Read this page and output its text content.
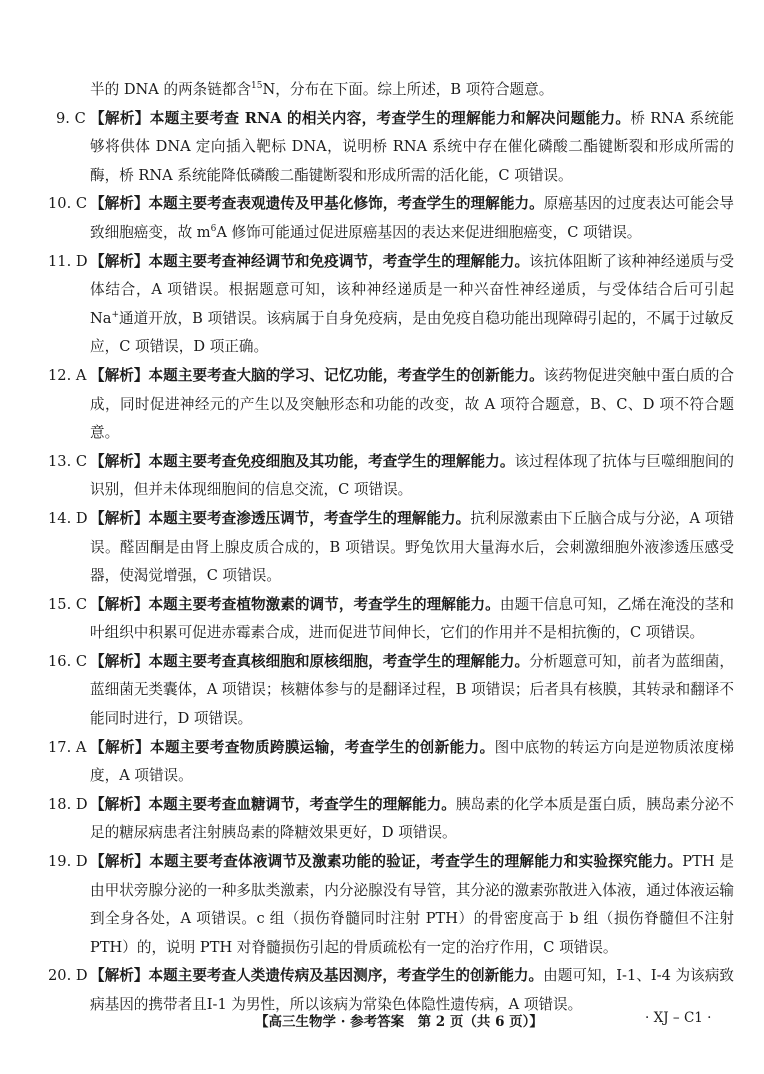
半的 DNA 的两条链都含$^{15}$N，分布在下面。综上所述，B 项符合题意。
9. C 【解析】本题主要考查 RNA 的相关内容，考查学生的理解能力和解决问题能力。桥 RNA 系统能够将供体 DNA 定向插入靶标 DNA，说明桥 RNA 系统中存在催化磷酸二酯键断裂和形成所需的酶，桥 RNA 系统能降低磷酸二酯键断裂和形成所需的活化能，C 项错误。
10. C 【解析】本题主要考查表观遗传及甲基化修饰，考查学生的理解能力。原癌基因的过度表达可能会导致细胞癌变，故 $m^6A$ 修饰可能通过促进原癌基因的表达来促进细胞癌变，C 项错误。
11. D 【解析】本题主要考查神经调节和免疫调节，考查学生的理解能力。该抗体阻断了该种神经递质与受体结合，A 项错误。根据题意可知，该种神经递质是一种兴奋性神经递质，与受体结合后可引起 Na+通道开放，B 项错误。该病属于自身免疫病，是由免疫自稳功能出现障碍引起的，不属于过敏反应，C 项错误，D 项正确。
12. A 【解析】本题主要考查大脑的学习、记忆功能，考查学生的创新能力。该药物促进突触中蛋白质的合成，同时促进神经元的产生以及突触形态和功能的改变，故 A 项符合题意，B、C、D 项不符合题意。
13. C 【解析】本题主要考查免疫细胞及其功能，考查学生的理解能力。该过程体现了抗体与巨噬细胞间的识别，但并未体现细胞间的信息交流，C 项错误。
14. D 【解析】本题主要考查渗透压调节，考查学生的理解能力。抗利尿激素由下丘脑合成与分泌，A 项错误。醛固酮是由肾上腺皮质合成的，B 项错误。野兔饮用大量海水后，会刺激细胞外液渗透压感受器，使渴觉增强，C 项错误。
15. C 【解析】本题主要考查植物激素的调节，考查学生的理解能力。由题干信息可知，乙烯在淹没的茎和叶组织中积累可促进赤霉素合成，进而促进节间伸长，它们的作用并不是相抗衡的，C 项错误。
16. C 【解析】本题主要考查真核细胞和原核细胞，考查学生的理解能力。分析题意可知，前者为蓝细菌，蓝细菌无类囊体，A 项错误；核糖体参与的是翻译过程，B 项错误；后者具有核膜，其转录和翻译不能同时进行，D 项错误。
17. A 【解析】本题主要考查物质跨膜运输，考查学生的创新能力。图中底物的转运方向是逆物质浓度梯度，A 项错误。
18. D 【解析】本题主要考查血糖调节，考查学生的理解能力。胰岛素的化学本质是蛋白质，胰岛素分泌不足的糖尿病患者注射胰岛素的降糖效果更好，D 项错误。
19. D 【解析】本题主要考查体液调节及激素功能的验证，考查学生的理解能力和实验探究能力。PTH 是由甲状旁腺分泌的一种多肽类激素，内分泌腺没有导管，其分泌的激素弥散进入体液，通过体液运输到全身各处，A 项错误。c 组（损伤脊髓同时注射 PTH）的骨密度高于 b 组（损伤脊髓但不注射 PTH）的，说明 PTH 对脊髓损伤引起的骨质疏松有一定的治疗作用，C 项错误。
20. D 【解析】本题主要考查人类遗传病及基因测序，考查学生的创新能力。由题可知，Ⅰ-1、Ⅰ-4 为该病致病基因的携带者且Ⅰ-1 为男性，所以该病为常染色体隐性遗传病，A 项错误。
【高三生物学 · 参考答案　第 2 页（共 6 页）】	· XJ – C1 ·
